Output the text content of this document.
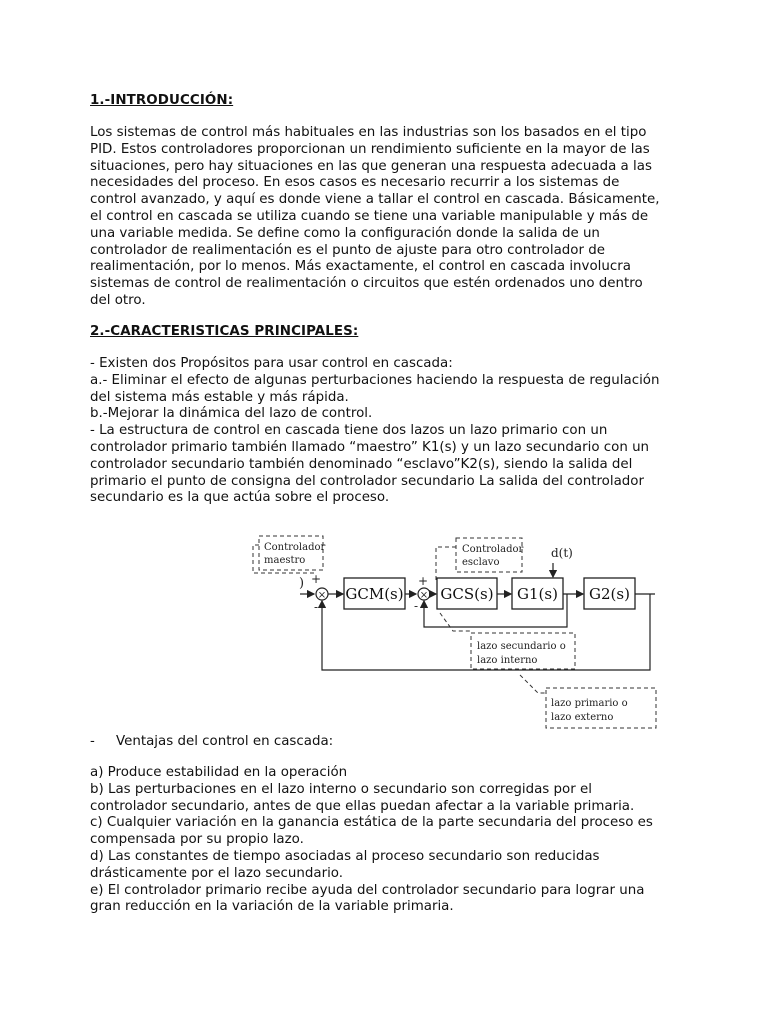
1.-INTRODUCCIÓN:

Los sistemas de control más habituales en las industrias son los basados en el tipo
PID. Estos controladores proporcionan un rendimiento suficiente en la mayor de las
situaciones, pero hay situaciones en las que generan una respuesta adecuada a las
necesidades del proceso. En esos casos es necesario recurrir a los sistemas de
control avanzado, y aquí es donde viene a tallar el control en cascada. Básicamente,
el control en cascada se utiliza cuando se tiene una variable manipulable y más de
una variable medida. Se define como la configuración donde la salida de un
controlador de realimentación es el punto de ajuste para otro controlador de
realimentación, por lo menos. Más exactamente, el control en cascada involucra
sistemas de control de realimentación o circuitos que estén ordenados uno dentro
del otro.

2.-CARACTERISTICAS PRINCIPALES:

- Existen dos Propósitos para usar control en cascada:
a.- Eliminar el efecto de algunas perturbaciones haciendo la respuesta de regulación
del sistema más estable y más rápida.
b.-Mejorar la dinámica del lazo de control.
- La estructura de control en cascada tiene dos lazos un lazo primario con un
controlador primario también llamado “maestro” K1(s) y un lazo secundario con un
controlador secundario también denominado “esclavo”K2(s), siendo la salida del
primario el punto de consigna del controlador secundario La salida del controlador
secundario es la que actúa sobre el proceso.

- Ventajas del control en cascada:

a) Produce estabilidad en la operación
b) Las perturbaciones en el lazo interno o secundario son corregidas por el
controlador secundario, antes de que ellas puedan afectar a la variable primaria.
c) Cualquier variación en la ganancia estática de la parte secundaria del proceso es
compensada por su propio lazo.
d) Las constantes de tiempo asociadas al proceso secundario son reducidas
drásticamente por el lazo secundario.
e) El controlador primario recibe ayuda del controlador secundario para lograr una
gran reducción en la variación de la variable primaria.

Controlador
maestro
Controlador
esclavo
) +
×
-
GCM(s)
+
×
-
GCS(s) G1(s)
d(t)
G2(s)
lazo secundario o
lazo interno
lazo primario o
lazo externo
